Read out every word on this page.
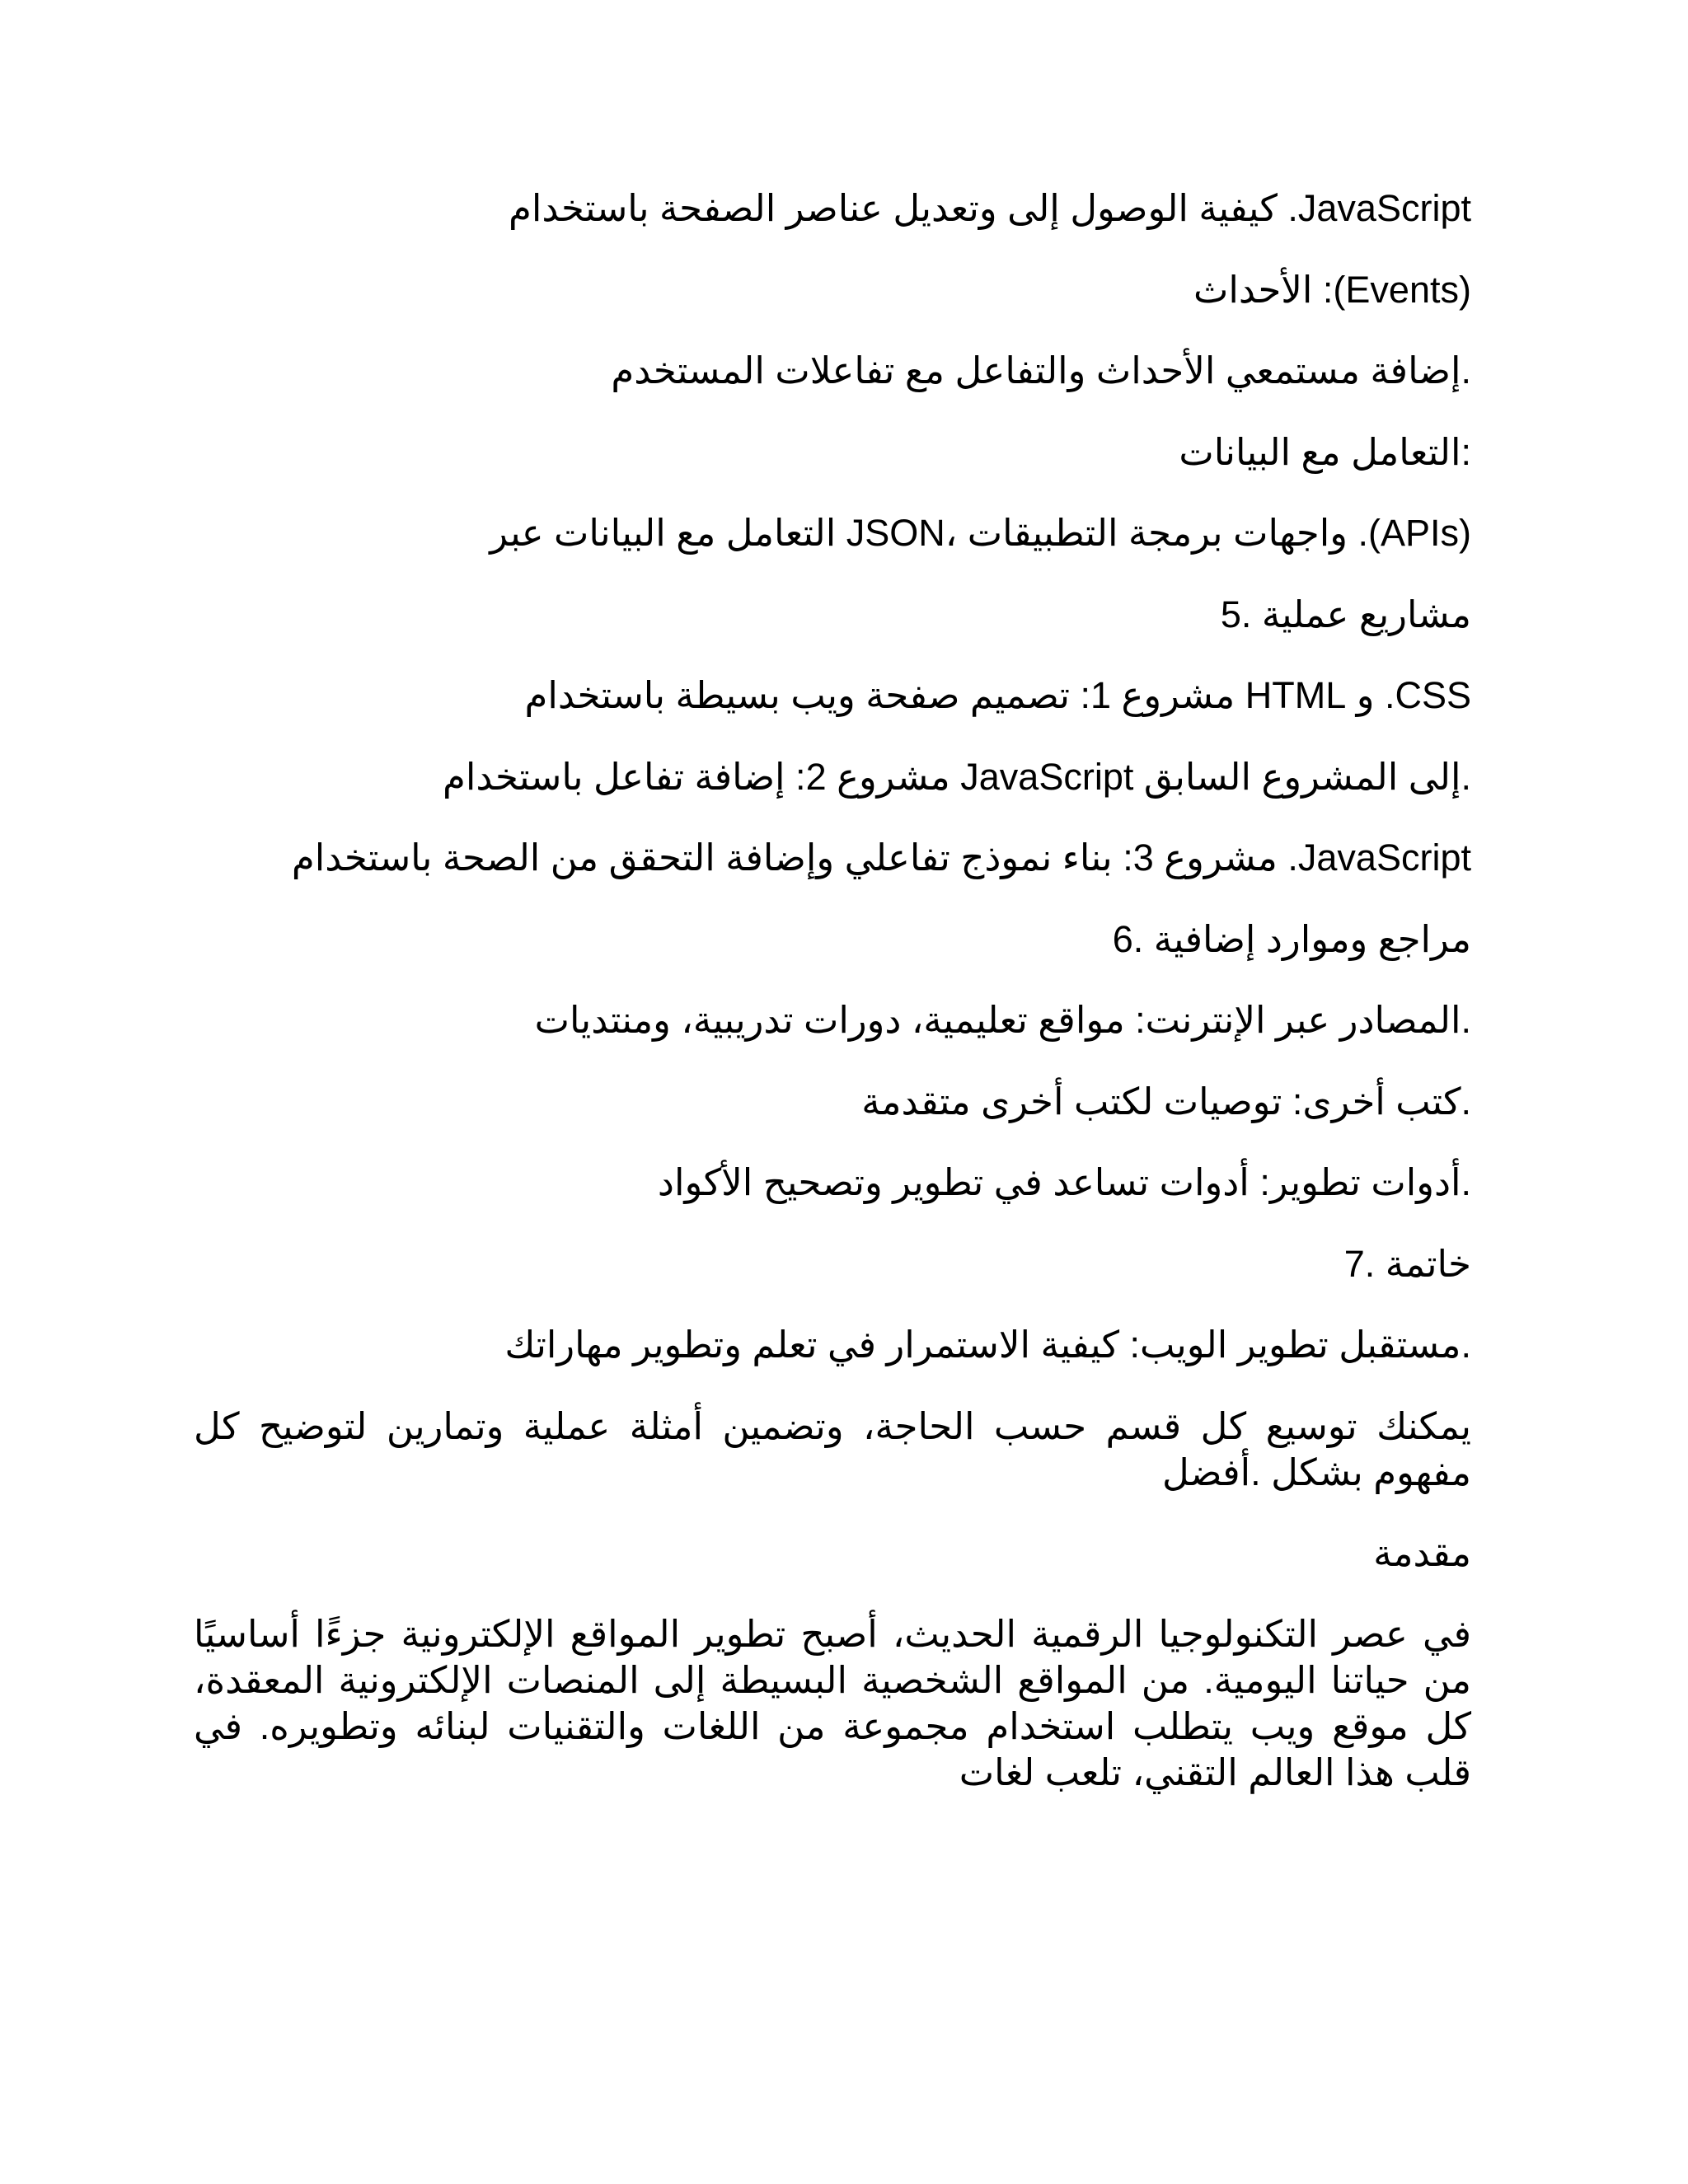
JavaScript. كيفية الوصول إلى وتعديل عناصر الصفحة باستخدام

(Events): الأحداث

.إضافة مستمعي الأحداث والتفاعل مع تفاعلات المستخدم

:التعامل مع البيانات

(APIs). واجهات برمجة التطبيقات ،JSON التعامل مع البيانات عبر

مشاريع عملية .5

CSS. و HTML مشروع 1: تصميم صفحة ويب بسيطة باستخدام

.إلى المشروع السابق JavaScript مشروع 2: إضافة تفاعل باستخدام

JavaScript. مشروع 3: بناء نموذج تفاعلي وإضافة التحقق من الصحة باستخدام

مراجع وموارد إضافية .6

.المصادر عبر الإنترنت: مواقع تعليمية، دورات تدريبية، ومنتديات

.كتب أخرى: توصيات لكتب أخرى متقدمة

.أدوات تطوير: أدوات تساعد في تطوير وتصحيح الأكواد

خاتمة .7

.مستقبل تطوير الويب: كيفية الاستمرار في تعلم وتطوير مهاراتك

يمكنك توسيع كل قسم حسب الحاجة، وتضمين أمثلة عملية وتمارين لتوضيح كل مفهوم بشكل .أفضل

مقدمة

في عصر التكنولوجيا الرقمية الحديث، أصبح تطوير المواقع الإلكترونية جزءًا أساسيًا من حياتنا اليومية. من المواقع الشخصية البسيطة إلى المنصات الإلكترونية المعقدة، كل موقع ويب يتطلب استخدام مجموعة من اللغات والتقنيات لبنائه وتطويره. في قلب هذا العالم التقني، تلعب لغات
